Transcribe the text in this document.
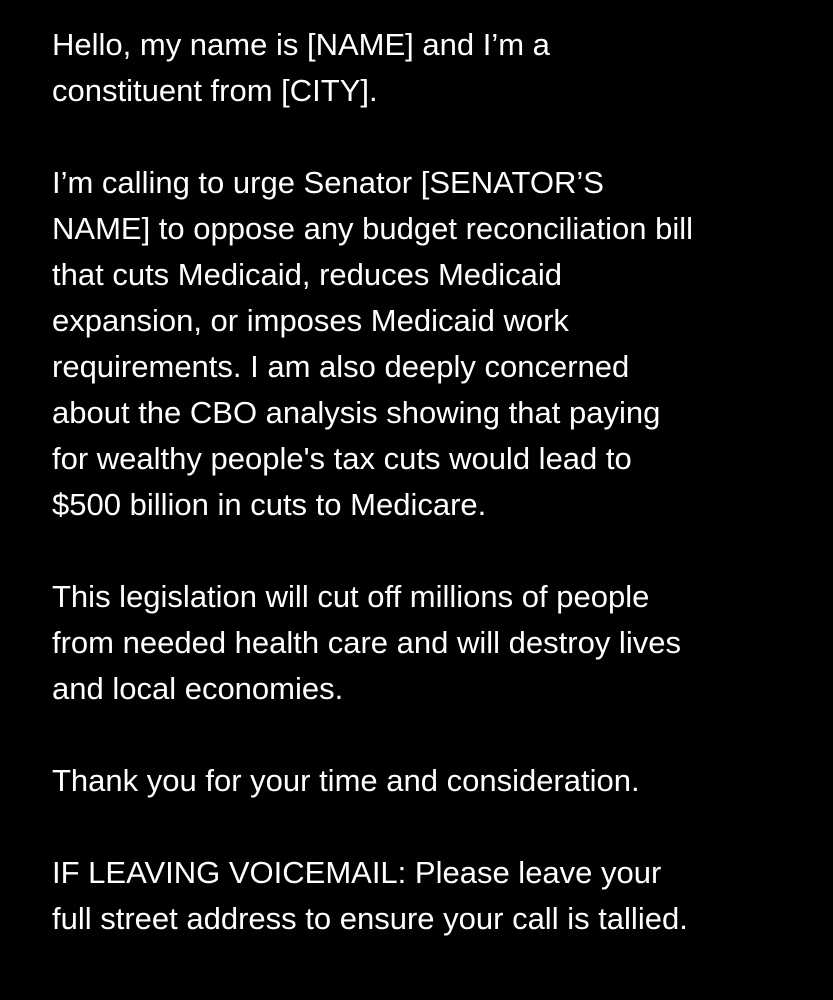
Hello, my name is [NAME] and I’m a
constituent from [CITY].

I’m calling to urge Senator [SENATOR’S
NAME] to oppose any budget reconciliation bill
that cuts Medicaid, reduces Medicaid
expansion, or imposes Medicaid work
requirements. I am also deeply concerned
about the CBO analysis showing that paying
for wealthy people's tax cuts would lead to
$500 billion in cuts to Medicare.

This legislation will cut off millions of people
from needed health care and will destroy lives
and local economies.

Thank you for your time and consideration.

IF LEAVING VOICEMAIL: Please leave your
full street address to ensure your call is tallied.
